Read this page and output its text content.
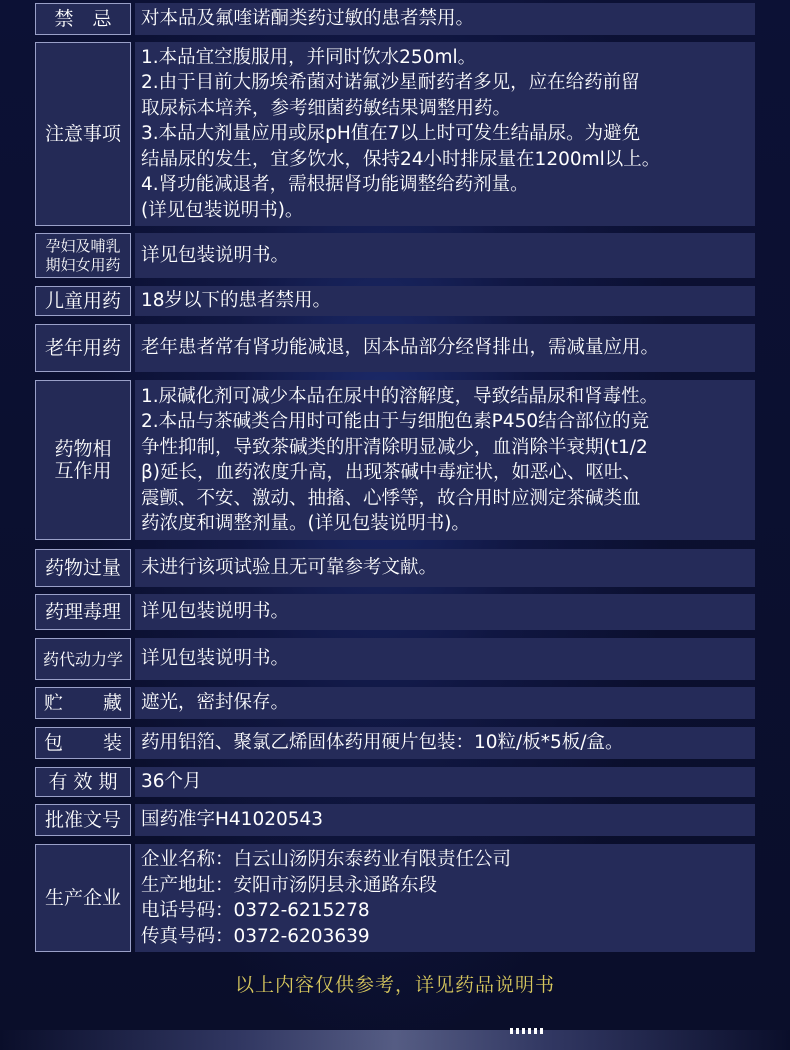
禁　忌 对本品及氟喹诺酮类药过敏的患者禁用。
注意事项
1.本品宜空腹服用，并同时饮水250ml。
2.由于目前大肠埃希菌对诺氟沙星耐药者多见，应在给药前留
取尿标本培养，参考细菌药敏结果调整用药。
3.本品大剂量应用或尿pH值在7以上时可发生结晶尿。为避免
结晶尿的发生，宜多饮水，保持24小时排尿量在1200ml以上。
4.肾功能减退者，需根据肾功能调整给药剂量。
(详见包装说明书)。
孕妇及哺乳
期妇女用药 详见包装说明书。
儿童用药 18岁以下的患者禁用。
老年用药 老年患者常有肾功能减退，因本品部分经肾排出，需减量应用。
药物相
互作用
1.尿碱化剂可减少本品在尿中的溶解度，导致结晶尿和肾毒性。
2.本品与茶碱类合用时可能由于与细胞色素P450结合部位的竞
争性抑制，导致茶碱类的肝清除明显减少，血消除半衰期(t1/2
β)延长，血药浓度升高，出现茶碱中毒症状，如恶心、呕吐、
震颤、不安、激动、抽搐、心悸等，故合用时应测定茶碱类血
药浓度和调整剂量。(详见包装说明书)。
药物过量 未进行该项试验且无可靠参考文献。
药理毒理 详见包装说明书。
药代动力学 详见包装说明书。
贮 藏 遮光，密封保存。
包 装 药用铝箔、聚氯乙烯固体药用硬片包装：10粒/板*5板/盒。
有 效 期 36个月
批准文号 国药准字H41020543
生产企业
企业名称：白云山汤阴东泰药业有限责任公司
生产地址：安阳市汤阴县永通路东段
电话号码：0372-6215278
传真号码：0372-6203639
以上内容仅供参考，详见药品说明书
